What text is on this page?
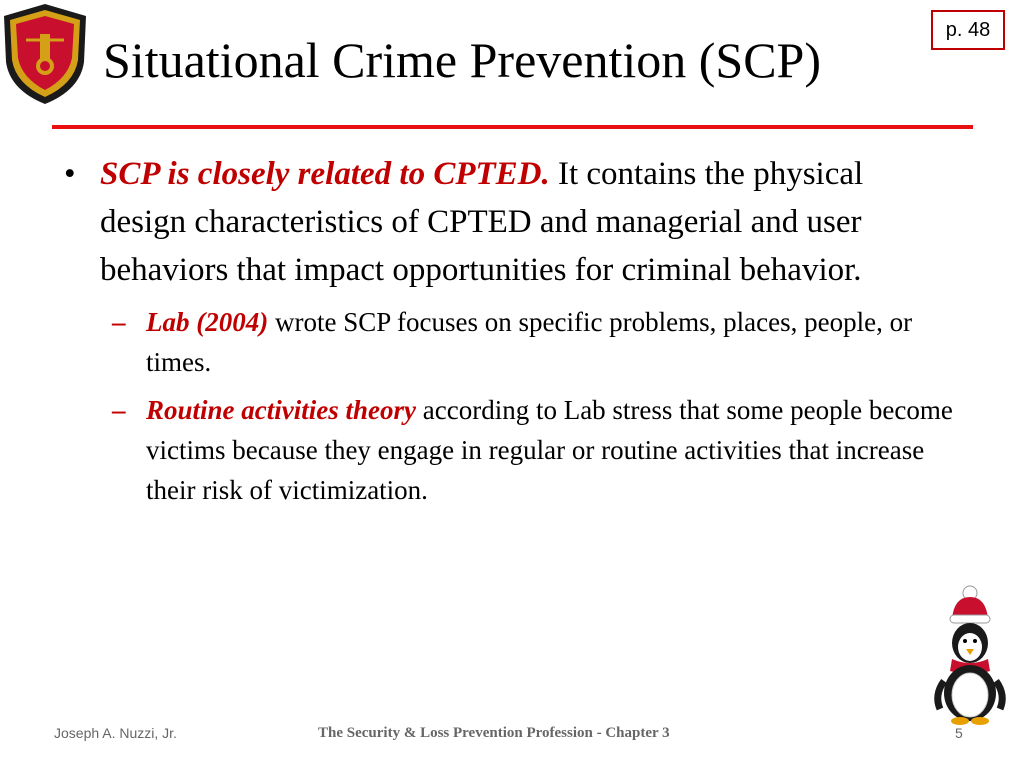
p. 48
Situational Crime Prevention (SCP)
• SCP is closely related to CPTED. It contains the physical design characteristics of CPTED and managerial and user behaviors that impact opportunities for criminal behavior.
– Lab (2004) wrote SCP focuses on specific problems, places, people, or times.
– Routine activities theory according to Lab stress that some people become victims because they engage in regular or routine activities that increase their risk of victimization.
Joseph A. Nuzzi, Jr.	The Security & Loss Prevention Profession - Chapter 3	5
